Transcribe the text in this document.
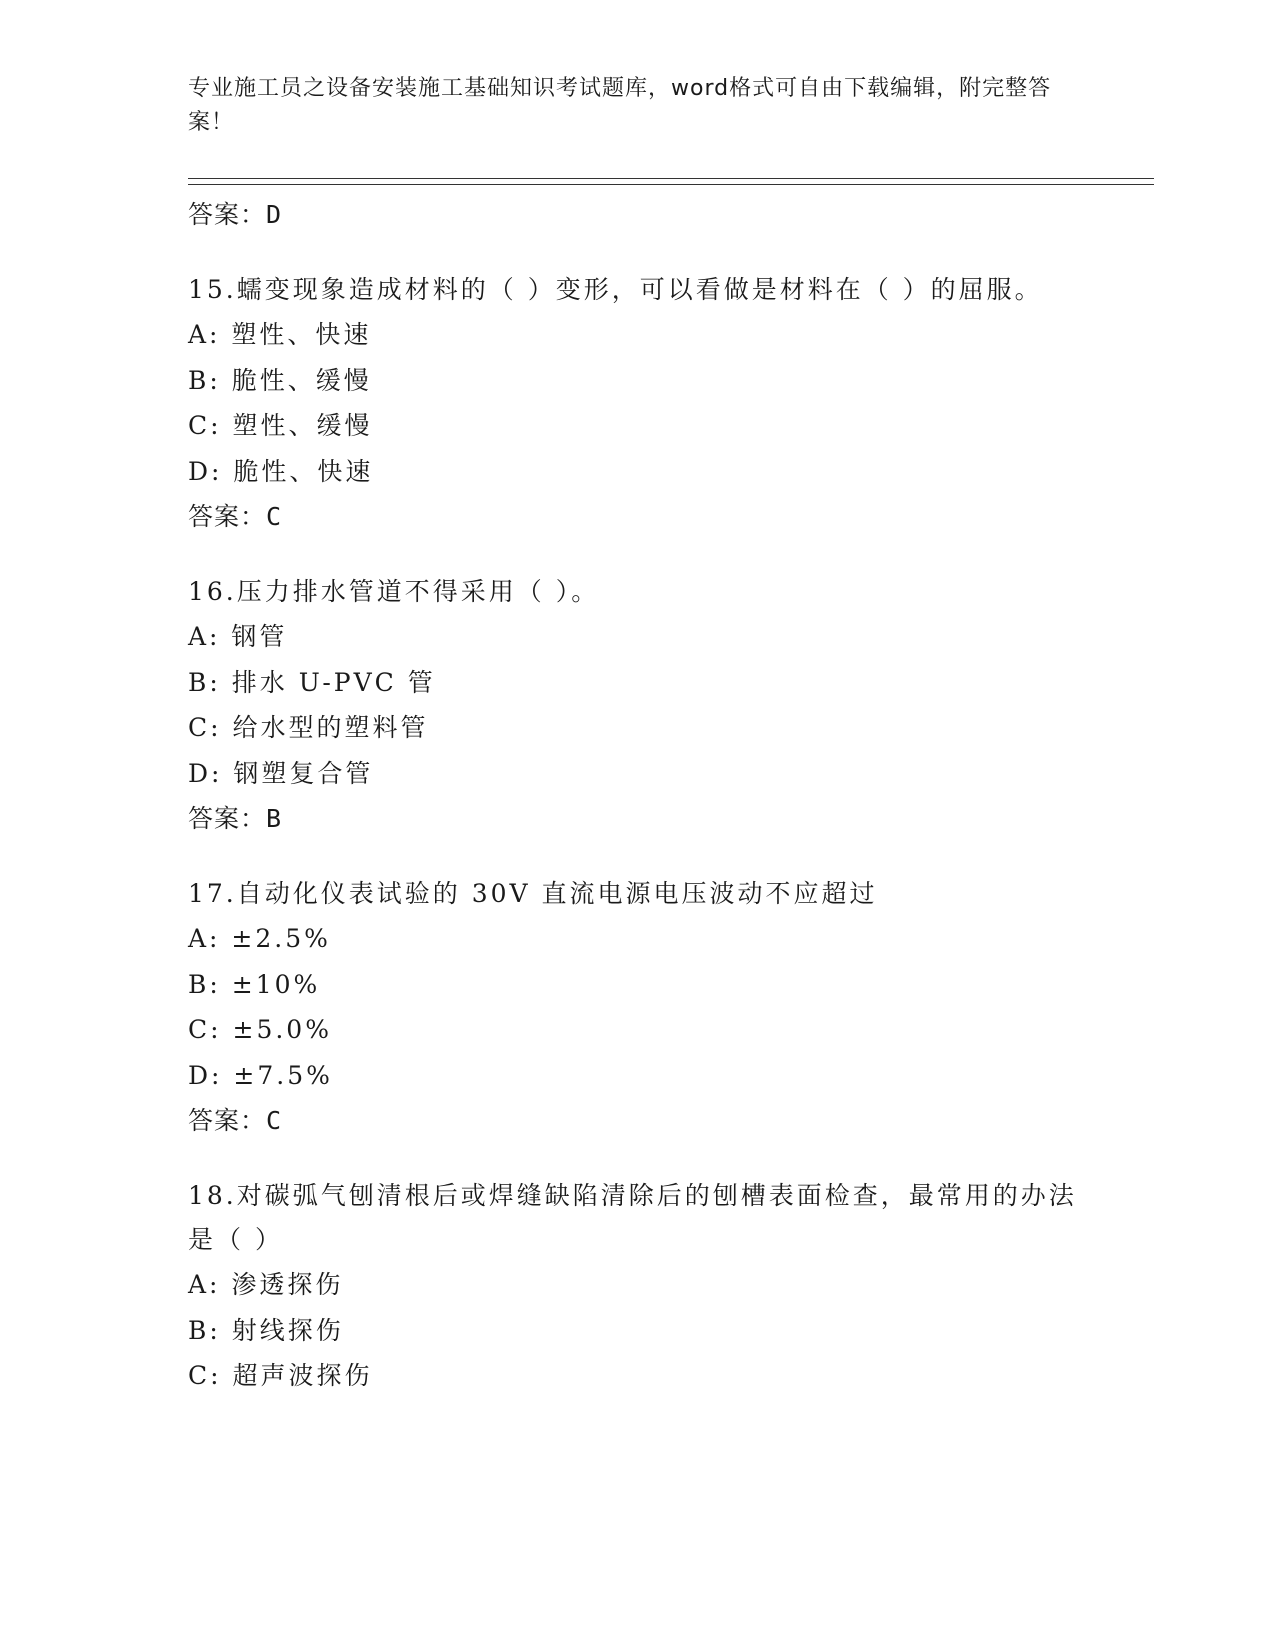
专业施工员之设备安装施工基础知识考试题库，word格式可自由下载编辑，附完整答案！
答案：D
15.蠕变现象造成材料的（ ）变形，可以看做是材料在（ ）的屈服。
A: 塑性、快速
B: 脆性、缓慢
C: 塑性、缓慢
D: 脆性、快速
答案：C
16.压力排水管道不得采用（ ）。
A: 钢管
B: 排水 U-PVC 管
C: 给水型的塑料管
D: 钢塑复合管
答案：B
17.自动化仪表试验的 30V 直流电源电压波动不应超过
A: ±2.5%
B: ±10%
C: ±5.0%
D: ±7.5%
答案：C
18.对碳弧气刨清根后或焊缝缺陷清除后的刨槽表面检查，最常用的办法是（ ）
A: 渗透探伤
B: 射线探伤
C: 超声波探伤
